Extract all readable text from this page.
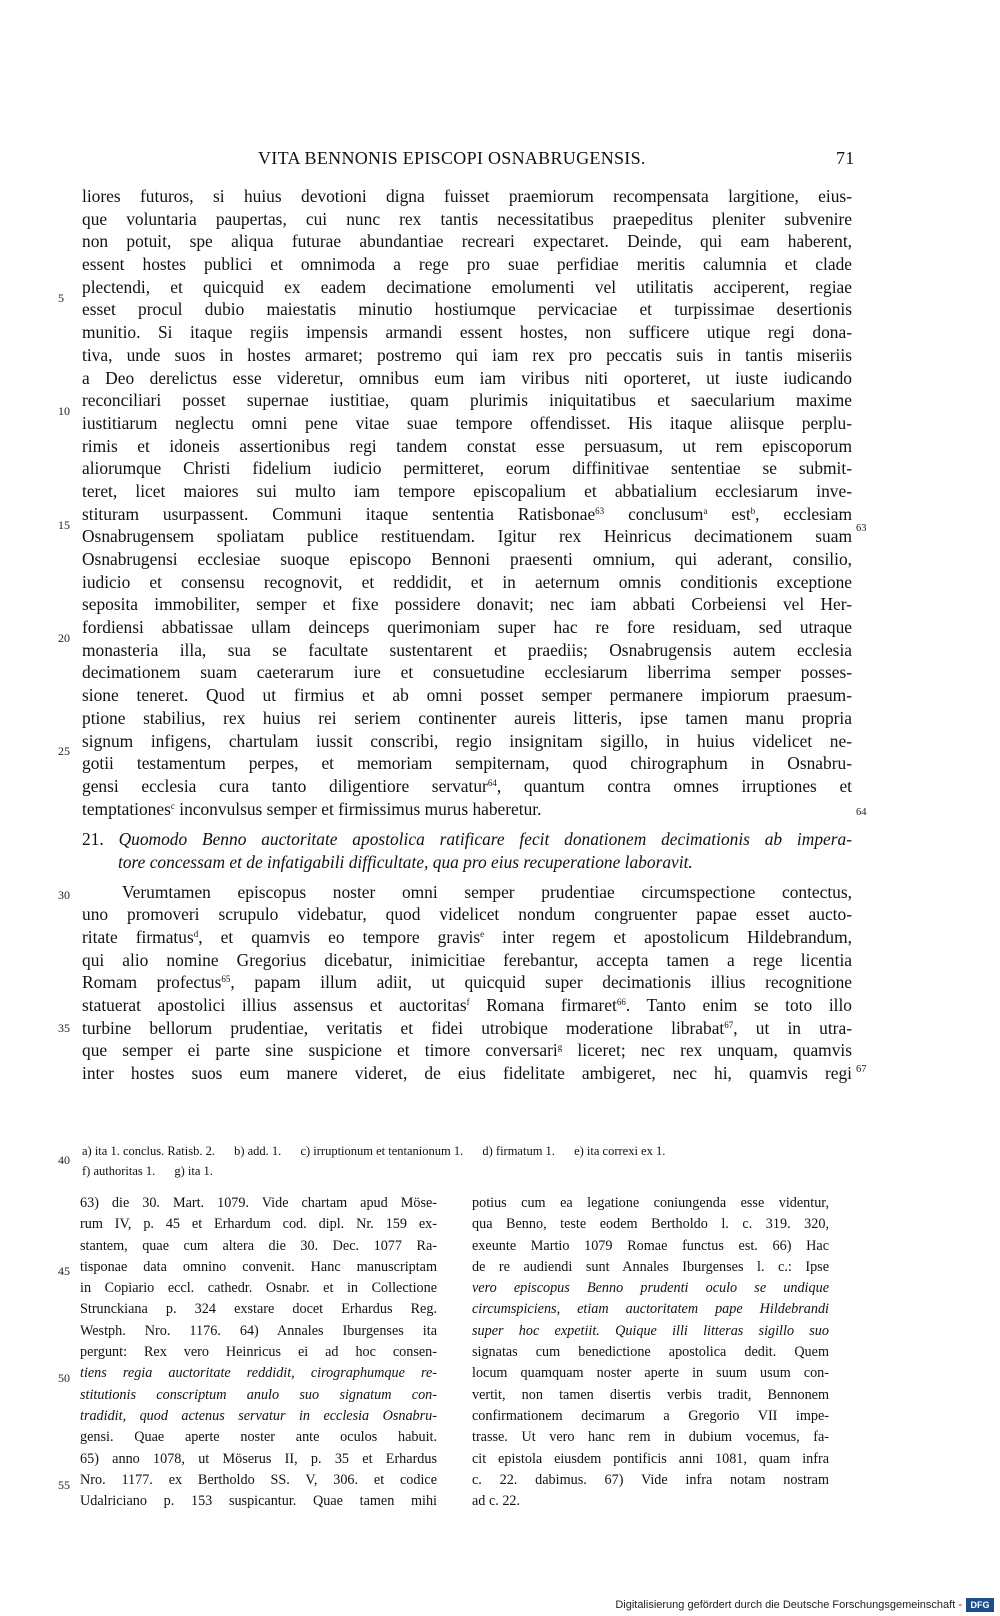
VITA BENNONIS EPISCOPI OSNABRUGENSIS.	71
5
10
15
20
25
30
35
40
45
50
55
63
64
67
liores futuros, si huius devotioni digna fuisset praemiorum recompensata largitione, eius-
que voluntaria paupertas, cui nunc rex tantis necessitatibus praepeditus pleniter subvenire
non potuit, spe aliqua futurae abundantiae recreari expectaret. Deinde, qui eam haberent,
essent hostes publici et omnimoda a rege pro suae perfidiae meritis calumnia et clade
plectendi, et quicquid ex eadem decimatione emolumenti vel utilitatis acciperent, regiae
esset procul dubio maiestatis minutio hostiumque pervicaciae et turpissimae desertionis
munitio. Si itaque regiis impensis armandi essent hostes, non sufficere utique regi dona-
tiva, unde suos in hostes armaret; postremo qui iam rex pro peccatis suis in tantis miseriis
a Deo derelictus esse videretur, omnibus eum iam viribus niti oporteret, ut iuste iudicando
reconciliari posset supernae iustitiae, quam plurimis iniquitatibus et saecularium maxime
iustitiarum neglectu omni pene vitae suae tempore offendisset. His itaque aliisque perplu-
rimis et idoneis assertionibus regi tandem constat esse persuasum, ut rem episcoporum
aliorumque Christi fidelium iudicio permitteret, eorum diffinitivae sententiae se submit-
teret, licet maiores sui multo iam tempore episcopalium et abbatialium ecclesiarum inve-
stituram usurpassent. Communi itaque sententia Ratisbonae$^{63}$ conclusum$^a$ est$^b$, ecclesiam
Osnabrugensem spoliatam publice restituendam. Igitur rex Heinricus decimationem suam
Osnabrugensi ecclesiae suoque episcopo Bennoni praesenti omnium, qui aderant, consilio,
iudicio et consensu recognovit, et reddidit, et in aeternum omnis conditionis exceptione
seposita immobiliter, semper et fixe possidere donavit; nec iam abbati Corbeiensi vel Her-
fordiensi abbatissae ullam deinceps querimoniam super hac re fore residuam, sed utraque
monasteria illa, sua se facultate sustentarent et praediis; Osnabrugensis autem ecclesia
decimationem suam caeterarum iure et consuetudine ecclesiarum liberrima semper posses-
sione teneret. Quod ut firmius et ab omni posset semper permanere impiorum praesum-
ptione stabilius, rex huius rei seriem continenter aureis litteris, ipse tamen manu propria
signum infigens, chartulam iussit conscribi, regio insignitam sigillo, in huius videlicet ne-
gotii testamentum perpes, et memoriam sempiternam, quod chirographum in Osnabru-
gensi ecclesia cura tanto diligentiore servatur$^{64}$, quantum contra omnes irruptiones et
temptationes$^c$ inconvulsus semper et firmissimus murus haberetur.
21. Quomodo Benno auctoritate apostolica ratificare fecit donationem decimationis ab impera-
tore concessam et de infatigabili difficultate, qua pro eius recuperatione laboravit.
Verumtamen episcopus noster omni semper prudentiae circumspectione contectus,
uno promoveri scrupulo videbatur, quod videlicet nondum congruenter papae esset aucto-
ritate firmatus$^d$, et quamvis eo tempore gravis$^e$ inter regem et apostolicum Hildebrandum,
qui alio nomine Gregorius dicebatur, inimicitiae ferebantur, accepta tamen a rege licentia
Romam profectus$^{65}$, papam illum adiit, ut quicquid super decimationis illius recognitione
statuerat apostolici illius assensus et auctoritas$^f$ Romana firmaret$^{66}$. Tanto enim se toto illo
turbine bellorum prudentiae, veritatis et fidei utrobique moderatione librabat$^{67}$, ut in utra-
que semper ei parte sine suspicione et timore conversari$^g$ liceret; nec rex unquam, quamvis
inter hostes suos eum manere videret, de eius fidelitate ambigeret, nec hi, quamvis regi
a) ita 1. conclus. Ratisb. 2. b) add. 1. c) irruptionum et tentanionum 1. d) firmatum 1. e) ita correxi ex 1.
f) authoritas 1. g) ita 1.
63) die 30. Mart. 1079. Vide chartam apud Möse-
rum IV, p. 45 et Erhardum cod. dipl. Nr. 159 ex-
stantem, quae cum altera die 30. Dec. 1077 Ra-
tisponae data omnino convenit. Hanc manuscriptam
in Copiario eccl. cathedr. Osnabr. et in Collectione
Strunckiana p. 324 exstare docet Erhardus Reg.
Westph. Nro. 1176. 64) Annales Iburgenses ita
pergunt: Rex vero Heinricus ei ad hoc consen-
tiens regia auctoritate reddidit, cirographumque re-
stitutionis conscriptum anulo suo signatum con-
tradidit, quod actenus servatur in ecclesia Osnabru-
gensi. Quae aperte noster ante oculos habuit.
65) anno 1078, ut Möserus II, p. 35 et Erhardus
Nro. 1177. ex Bertholdo SS. V, 306. et codice
Udalriciano p. 153 suspicantur. Quae tamen mihi
potius cum ea legatione coniungenda esse videntur,
qua Benno, teste eodem Bertholdo l. c. 319. 320,
exeunte Martio 1079 Romae functus est. 66) Hac
de re audiendi sunt Annales Iburgenses l. c.: Ipse
vero episcopus Benno prudenti oculo se undique
circumspiciens, etiam auctoritatem pape Hildebrandi
super hoc expetiit. Quique illi litteras sigillo suo
signatas cum benedictione apostolica dedit. Quem
locum quamquam noster aperte in suum usum con-
vertit, non tamen disertis verbis tradit, Bennonem
confirmationem decimarum a Gregorio VII impe-
trasse. Ut vero hanc rem in dubium vocemus, fa-
cit epistola eiusdem pontificis anni 1081, quam infra
c. 22. dabimus. 67) Vide infra notam nostram
ad c. 22.
Digitalisierung gefördert durch die Deutsche Forschungsgemeinschaft - DFG
